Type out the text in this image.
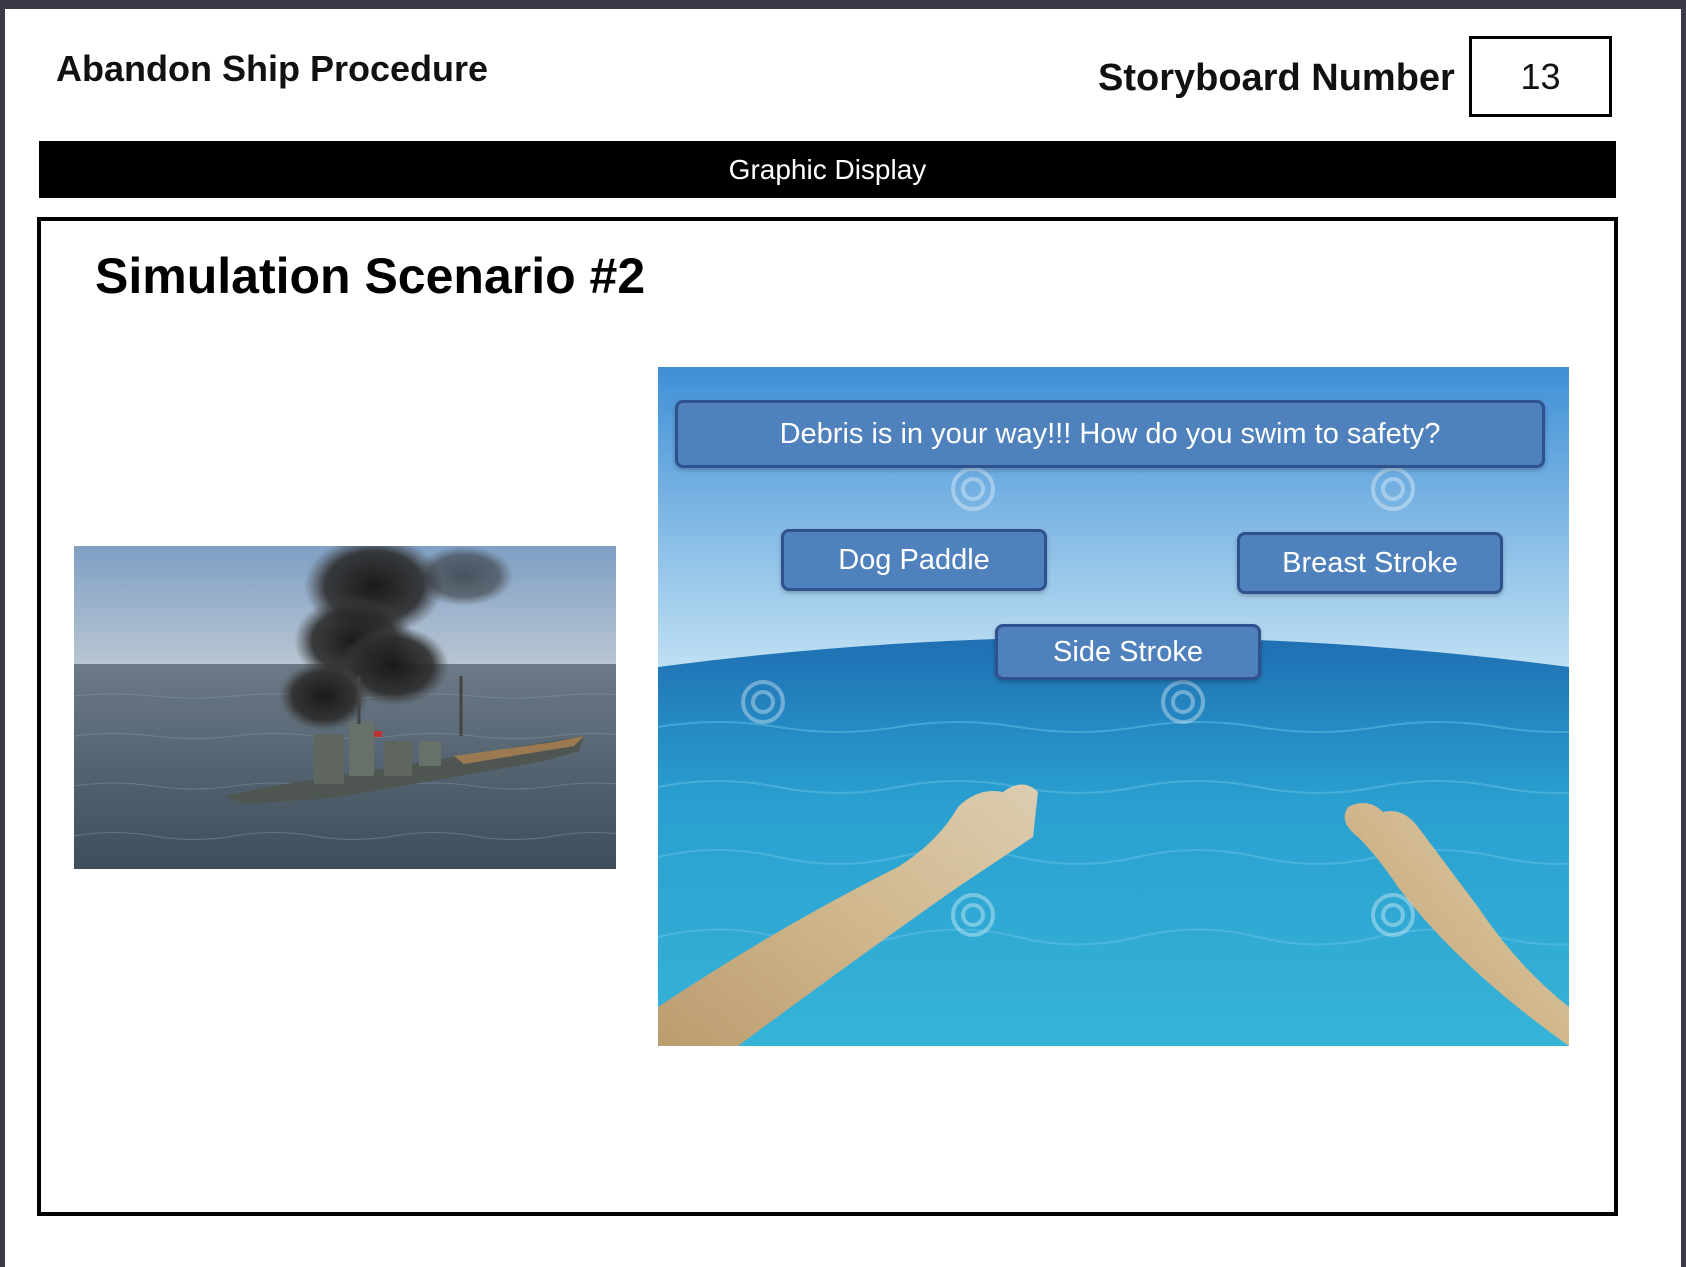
Abandon Ship Procedure	Storyboard Number 13
Graphic Display
Simulation Scenario #2
Debris is in your way!!! How do you swim to safety?
Dog Paddle	Breast Stroke
Side Stroke
